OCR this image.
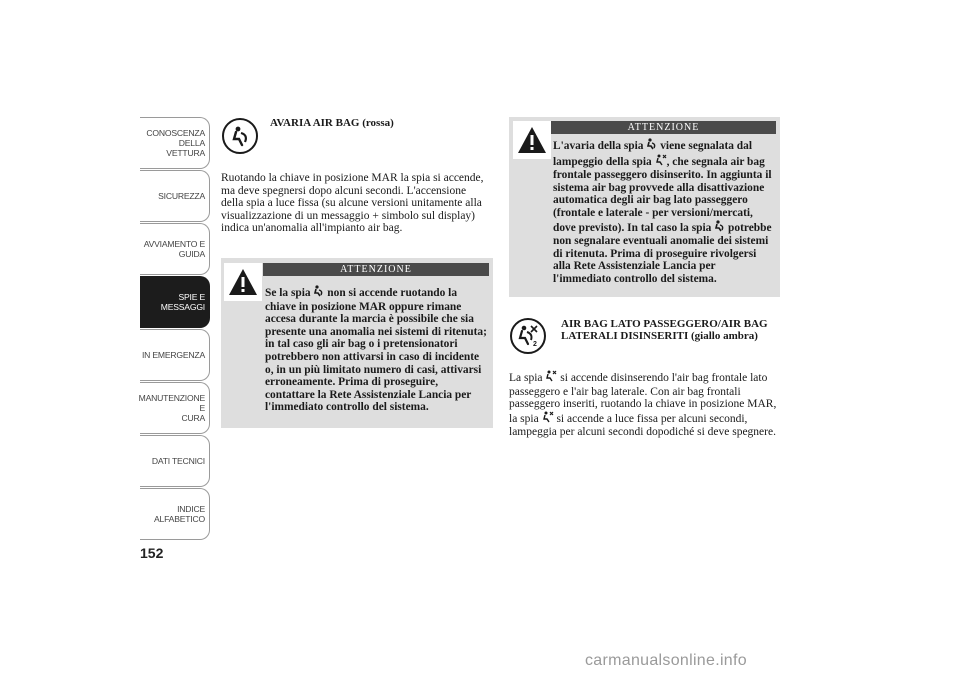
CONOSCENZA
DELLA VETTURA
SICUREZZA
AVVIAMENTO E
GUIDA
SPIE E MESSAGGI
IN EMERGENZA
MANUTENZIONE E
CURA
DATI TECNICI
INDICE
ALFABETICO
152
AVARIA AIR BAG (rossa)
Ruotando la chiave in posizione MAR la spia si accende, ma deve spegnersi dopo alcuni secondi. L'accensione della spia a luce fissa (su alcune versioni unitamente alla visualizzazione di un messaggio + simbolo sul display) indica un'anomalia all'impianto air bag.
ATTENZIONE
Se la spia non si accende ruotando la chiave in posizione MAR oppure rimane accesa durante la marcia è possibile che sia presente una anomalia nei sistemi di ritenuta; in tal caso gli air bag o i pretensionatori potrebbero non attivarsi in caso di incidente o, in un più limitato numero di casi, attivarsi erroneamente. Prima di proseguire, contattare la Rete Assistenziale Lancia per l'immediato controllo del sistema.
ATTENZIONE
L'avaria della spia viene segnalata dal lampeggio della spia , che segnala air bag frontale passeggero disinserito. In aggiunta il sistema air bag provvede alla disattivazione automatica degli air bag lato passeggero (frontale e laterale - per versioni/mercati, dove previsto). In tal caso la spia potrebbe non segnalare eventuali anomalie dei sistemi di ritenuta. Prima di proseguire rivolgersi alla Rete Assistenziale Lancia per l'immediato controllo del sistema.
2
AIR BAG LATO PASSEGGERO/AIR BAG LATERALI DISINSERITI (giallo ambra)
La spia si accende disinserendo l'air bag frontale lato passeggero e l'air bag laterale. Con air bag frontali passeggero inseriti, ruotando la chiave in posizione MAR, la spia si accende a luce fissa per alcuni secondi, lampeggia per alcuni secondi dopodiché si deve spegnere.
carmanualsonline.info
